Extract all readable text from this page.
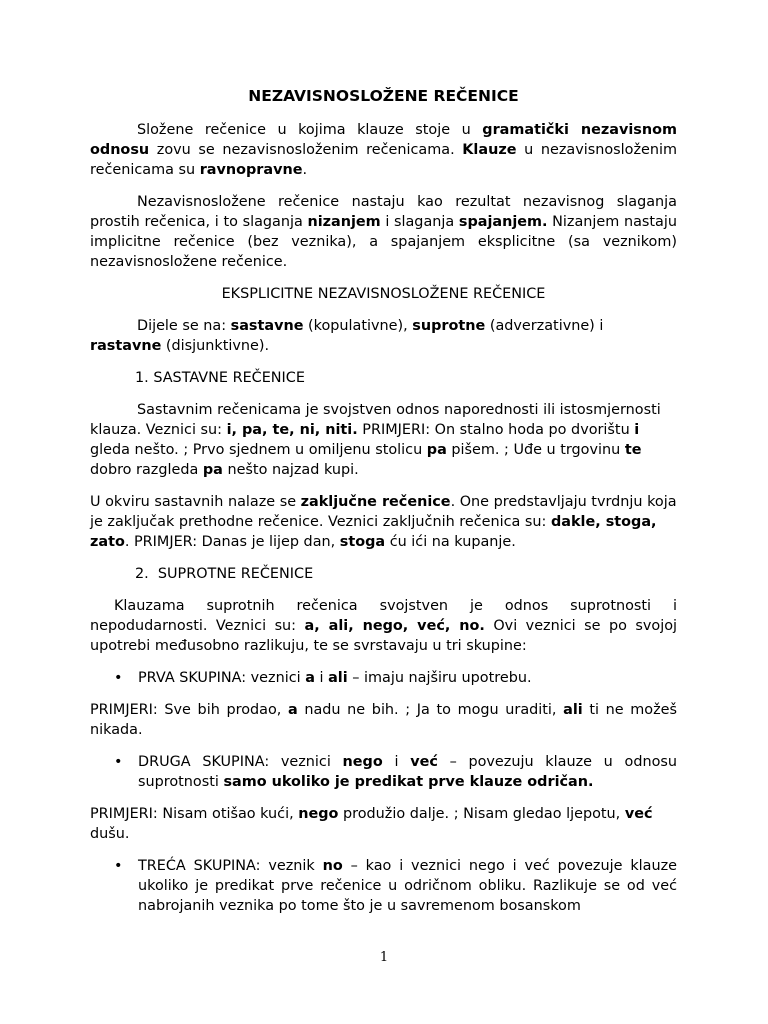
NEZAVISNOSLOŽENE REČENICE

Složene rečenice u kojima klauze stoje u gramatički nezavisnom odnosu zovu se nezavisnosloženim rečenicama. Klauze u nezavisnosloženim rečenicama su ravnopravne.

Nezavisnosložene rečenice nastaju kao rezultat nezavisnog slaganja prostih rečenica, i to slaganja nizanjem i slaganja spajanjem. Nizanjem nastaju implicitne rečenice (bez veznika), a spajanjem eksplicitne (sa veznikom) nezavisnosložene rečenice.

EKSPLICITNE NEZAVISNOSLOŽENE REČENICE

Dijele se na: sastavne (kopulativne), suprotne (adverzativne) i rastavne (disjunktivne).

1. SASTAVNE REČENICE

Sastavnim rečenicama je svojstven odnos naporednosti ili istosmjernosti klauza. Veznici su: i, pa, te, ni, niti. PRIMJERI: On stalno hoda po dvorištu i gleda nešto. ; Prvo sjednem u omiljenu stolicu pa pišem. ; Uđe u trgovinu te dobro razgleda pa nešto najzad kupi.

U okviru sastavnih nalaze se zaključne rečenice. One predstavljaju tvrdnju koja je zaključak prethodne rečenice. Veznici zaključnih rečenica su: dakle, stoga, zato. PRIMJER: Danas je lijep dan, stoga ću ići na kupanje.

2. SUPROTNE REČENICE

Klauzama suprotnih rečenica svojstven je odnos suprotnosti i nepodudarnosti. Veznici su: a, ali, nego, već, no. Ovi veznici se po svojoj upotrebi međusobno razlikuju, te se svrstavaju u tri skupine:

• PRVA SKUPINA: veznici a i ali – imaju najširu upotrebu.

PRIMJERI: Sve bih prodao, a nadu ne bih. ; Ja to mogu uraditi, ali ti ne možeš nikada.

• DRUGA SKUPINA: veznici nego i već – povezuju klauze u odnosu suprotnosti samo ukoliko je predikat prve klauze odričan.

PRIMJERI: Nisam otišao kući, nego produžio dalje. ; Nisam gledao ljepotu, već dušu.

• TREĆA SKUPINA: veznik no – kao i veznici nego i već povezuje klauze ukoliko je predikat prve rečenice u odričnom obliku. Razlikuje se od već nabrojanih veznika po tome što je u savremenom bosanskom
1
